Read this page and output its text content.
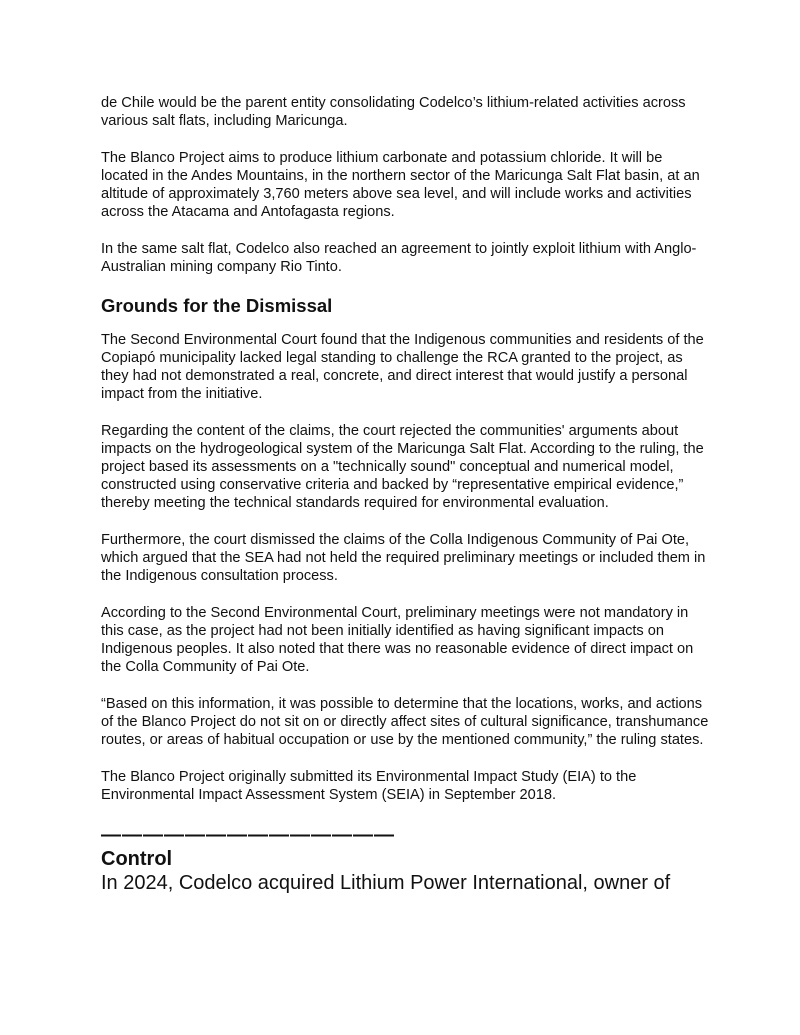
de Chile would be the parent entity consolidating Codelco’s lithium-related activities across various salt flats, including Maricunga.

The Blanco Project aims to produce lithium carbonate and potassium chloride. It will be located in the Andes Mountains, in the northern sector of the Maricunga Salt Flat basin, at an altitude of approximately 3,760 meters above sea level, and will include works and activities across the Atacama and Antofagasta regions.

In the same salt flat, Codelco also reached an agreement to jointly exploit lithium with Anglo-Australian mining company Rio Tinto.

Grounds for the Dismissal

The Second Environmental Court found that the Indigenous communities and residents of the Copiapó municipality lacked legal standing to challenge the RCA granted to the project, as they had not demonstrated a real, concrete, and direct interest that would justify a personal impact from the initiative.

Regarding the content of the claims, the court rejected the communities' arguments about impacts on the hydrogeological system of the Maricunga Salt Flat. According to the ruling, the project based its assessments on a "technically sound" conceptual and numerical model, constructed using conservative criteria and backed by “representative empirical evidence,” thereby meeting the technical standards required for environmental evaluation.

Furthermore, the court dismissed the claims of the Colla Indigenous Community of Pai Ote, which argued that the SEA had not held the required preliminary meetings or included them in the Indigenous consultation process.

According to the Second Environmental Court, preliminary meetings were not mandatory in this case, as the project had not been initially identified as having significant impacts on Indigenous peoples. It also noted that there was no reasonable evidence of direct impact on the Colla Community of Pai Ote.

“Based on this information, it was possible to determine that the locations, works, and actions of the Blanco Project do not sit on or directly affect sites of cultural significance, transhumance routes, or areas of habitual occupation or use by the mentioned community,” the ruling states.

The Blanco Project originally submitted its Environmental Impact Study (EIA) to the Environmental Impact Assessment System (SEIA) in September 2018.

——————————————
Control

In 2024, Codelco acquired Lithium Power International, owner of
